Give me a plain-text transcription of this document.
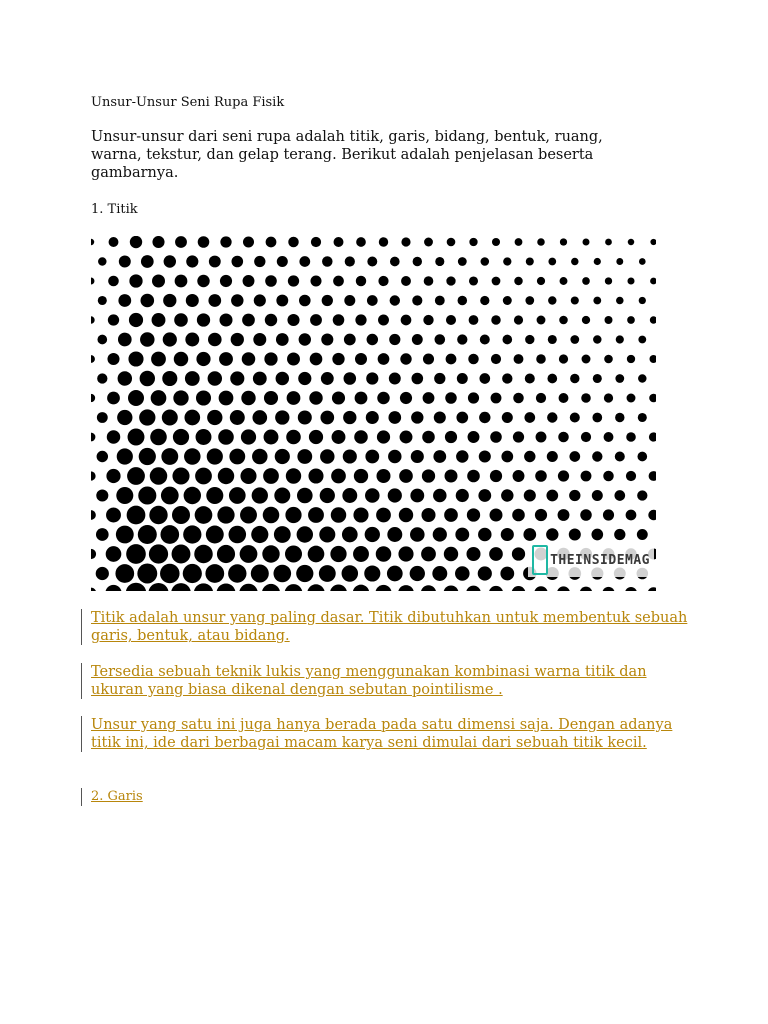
Unsur-Unsur Seni Rupa Fisik
Unsur-unsur dari seni rupa adalah titik, garis, bidang, bentuk, ruang, warna, tekstur, dan gelap terang. Berikut adalah penjelasan beserta gambarnya.
1. Titik
THEINSIDEMAG
Titik adalah unsur yang paling dasar. Titik dibutuhkan untuk membentuk sebuah garis, bentuk, atau bidang.
Tersedia sebuah teknik lukis yang menggunakan kombinasi warna titik dan ukuran yang biasa dikenal dengan sebutan pointilisme .
Unsur yang satu ini juga hanya berada pada satu dimensi saja. Dengan adanya titik ini, ide dari berbagai macam karya seni dimulai dari sebuah titik kecil.
2. Garis
